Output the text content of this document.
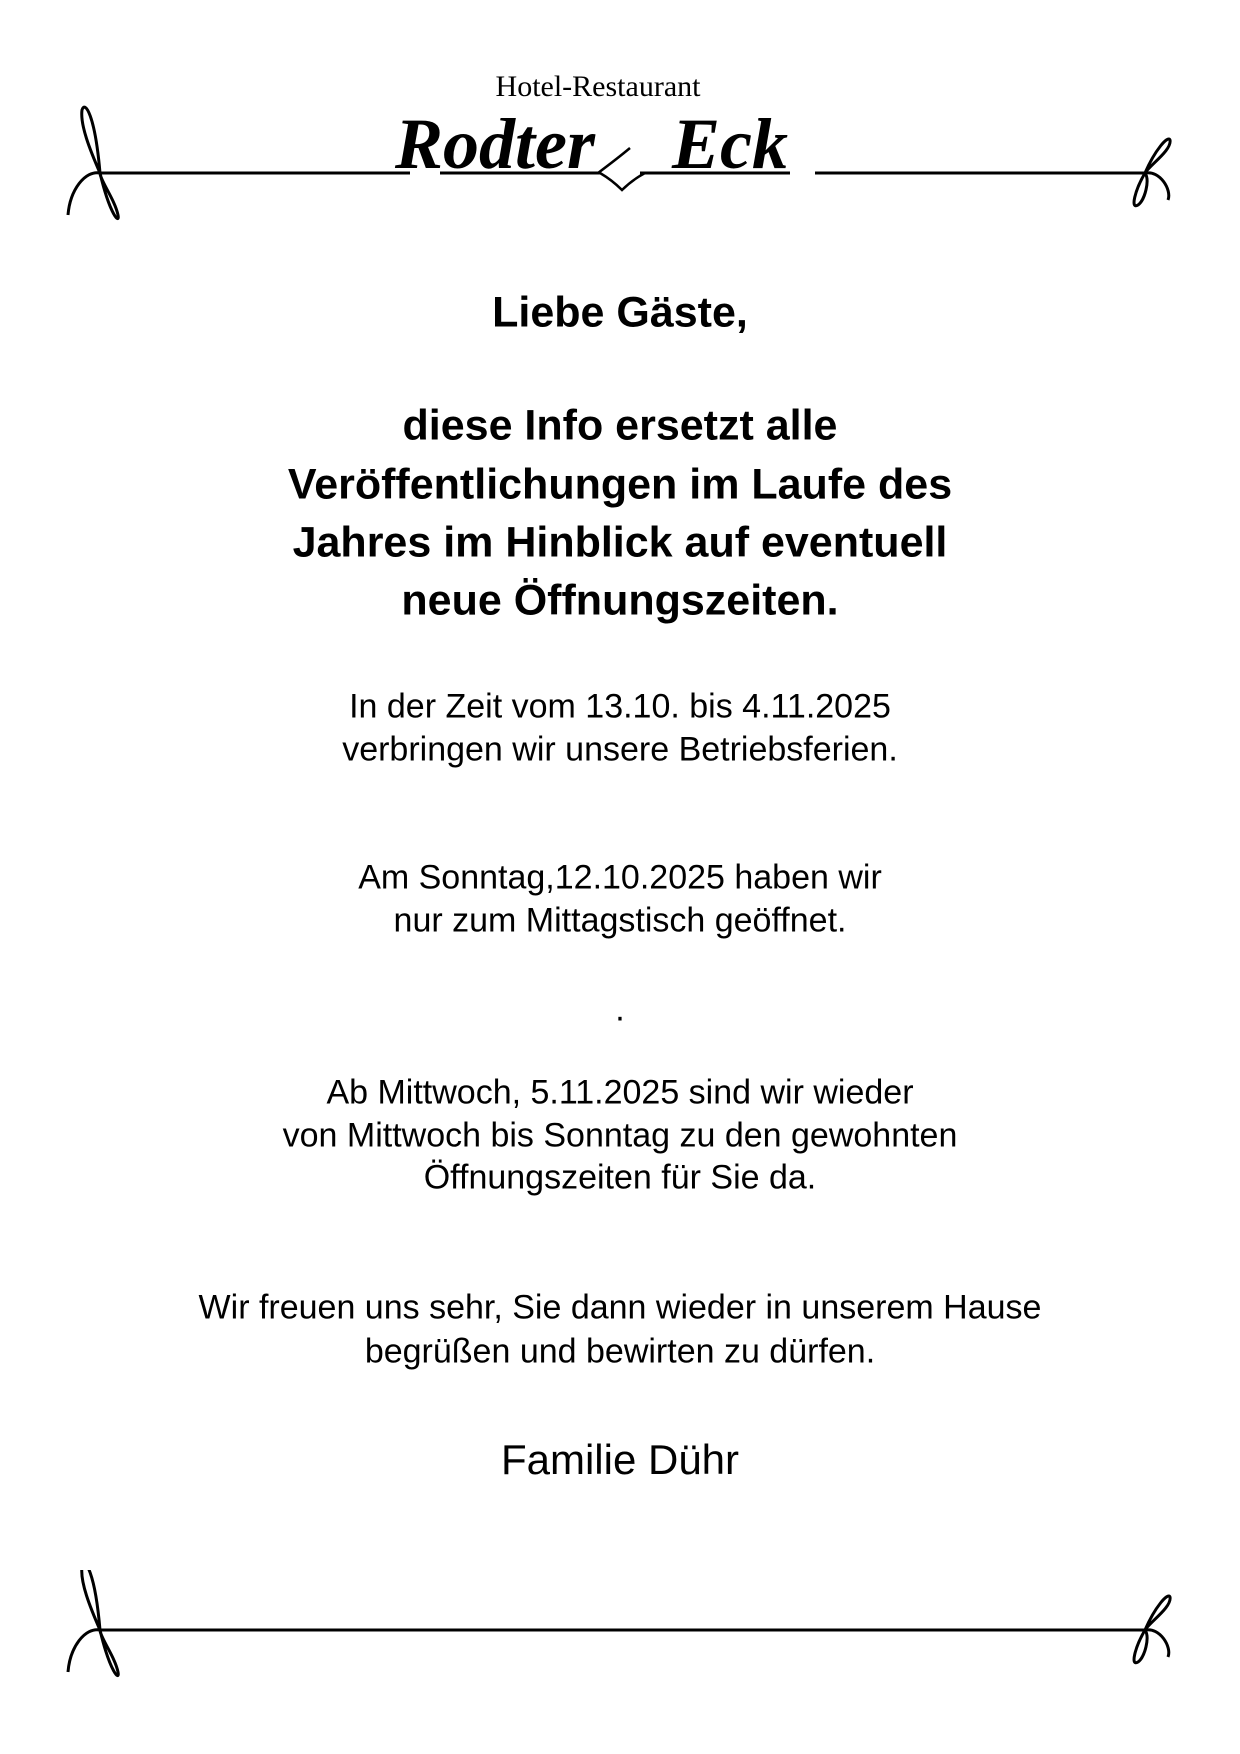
Hotel-Restaurant
Rodter Eck
Liebe Gäste,
diese Info ersetzt alle
Veröffentlichungen im Laufe des
Jahres im Hinblick auf eventuell
neue Öffnungszeiten.
In der Zeit vom 13.10. bis 4.11.2025
verbringen wir unsere Betriebsferien.
Am Sonntag,12.10.2025 haben wir
nur zum Mittagstisch geöffnet.
.
Ab Mittwoch, 5.11.2025 sind wir wieder
von Mittwoch bis Sonntag zu den gewohnten
Öffnungszeiten für Sie da.
Wir freuen uns sehr, Sie dann wieder in unserem Hause
begrüßen und bewirten zu dürfen.
Familie Dühr
